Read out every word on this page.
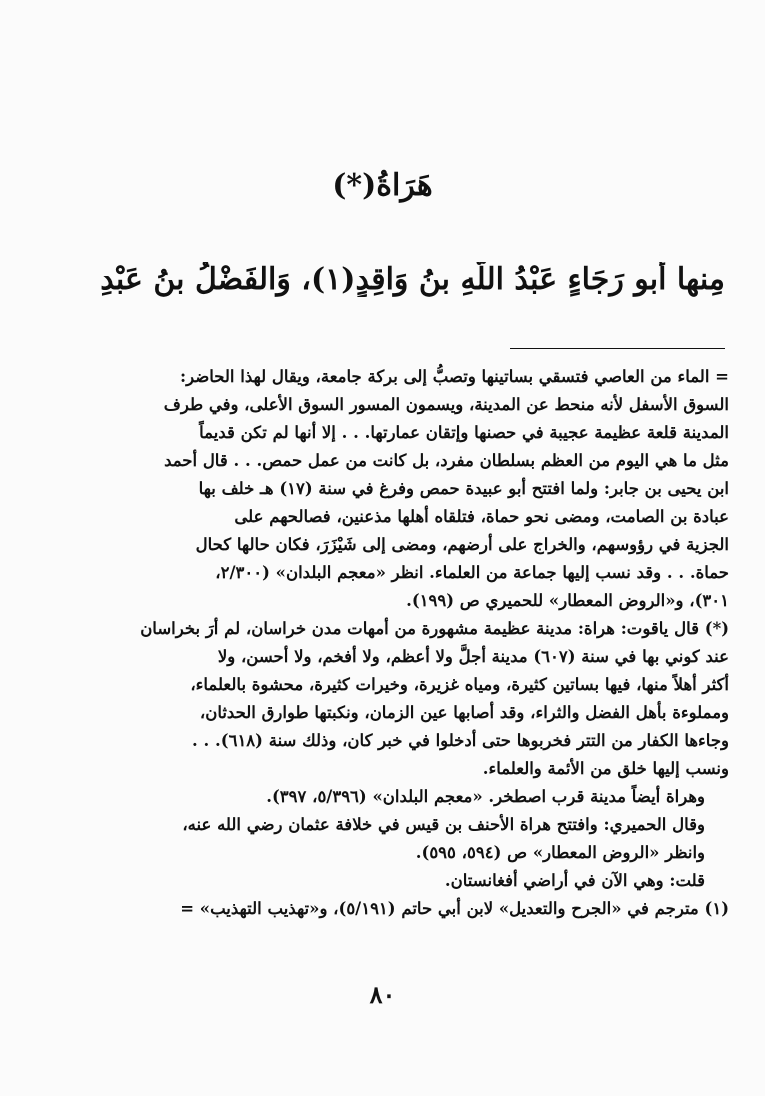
هَرَاةُ(*)
مِنها أبو رَجَاءٍ عَبْدُ اللَّهِ بنُ وَاقِدٍ(١)، وَالفَضْلُ بنُ عَبْدِ
= الماء من العاصي فتسقي بساتينها وتصبُّ إلى بركة جامعة، ويقال لهذا الحاضر:
السوق الأسفل لأنه منحط عن المدينة، ويسمون المسور السوق الأعلى، وفي طرف
المدينة قلعة عظيمة عجيبة في حصنها وإتقان عمارتها. . . إلا أنها لم تكن قديماً
مثل ما هي اليوم من العظم بسلطان مفرد، بل كانت من عمل حمص. . . قال أحمد
ابن يحيى بن جابر: ولما افتتح أبو عبيدة حمص وفرغ في سنة (١٧) هـ خلف بها
عبادة بن الصامت، ومضى نحو حماة، فتلقاه أهلها مذعنين، فصالحهم على
الجزية في رؤوسهم، والخراج على أرضهم، ومضى إلى شَيْزَرَ، فكان حالها كحال
حماة. . . وقد نسب إليها جماعة من العلماء. انظر «معجم البلدان» (٢/٣٠٠،
٣٠١)، و«الروض المعطار» للحميري ص (١٩٩).
(*) قال ياقوت: هراة: مدينة عظيمة مشهورة من أمهات مدن خراسان، لم أرَ بخراسان
عند كوني بها في سنة (٦٠٧) مدينة أجلَّ ولا أعظم، ولا أفخم، ولا أحسن، ولا
أكثر أهلاً منها، فيها بساتين كثيرة، ومياه غزيرة، وخيرات كثيرة، محشوة بالعلماء،
ومملوءة بأهل الفضل والثراء، وقد أصابها عين الزمان، ونكبتها طوارق الحدثان،
وجاءها الكفار من التتر فخربوها حتى أدخلوا في خبر كان، وذلك سنة (٦١٨). . .
ونسب إليها خلق من الأئمة والعلماء.
وهراة أيضاً مدينة قرب اصطخر. «معجم البلدان» (٥/٣٩٦، ٣٩٧).
وقال الحميري: وافتتح هراة الأحنف بن قيس في خلافة عثمان رضي الله عنه،
وانظر «الروض المعطار» ص (٥٩٤، ٥٩٥).
قلت: وهي الآن في أراضي أفغانستان.
(١) مترجم في «الجرح والتعديل» لابن أبي حاتم (٥/١٩١)، و«تهذيب التهذيب» =
٨٠
